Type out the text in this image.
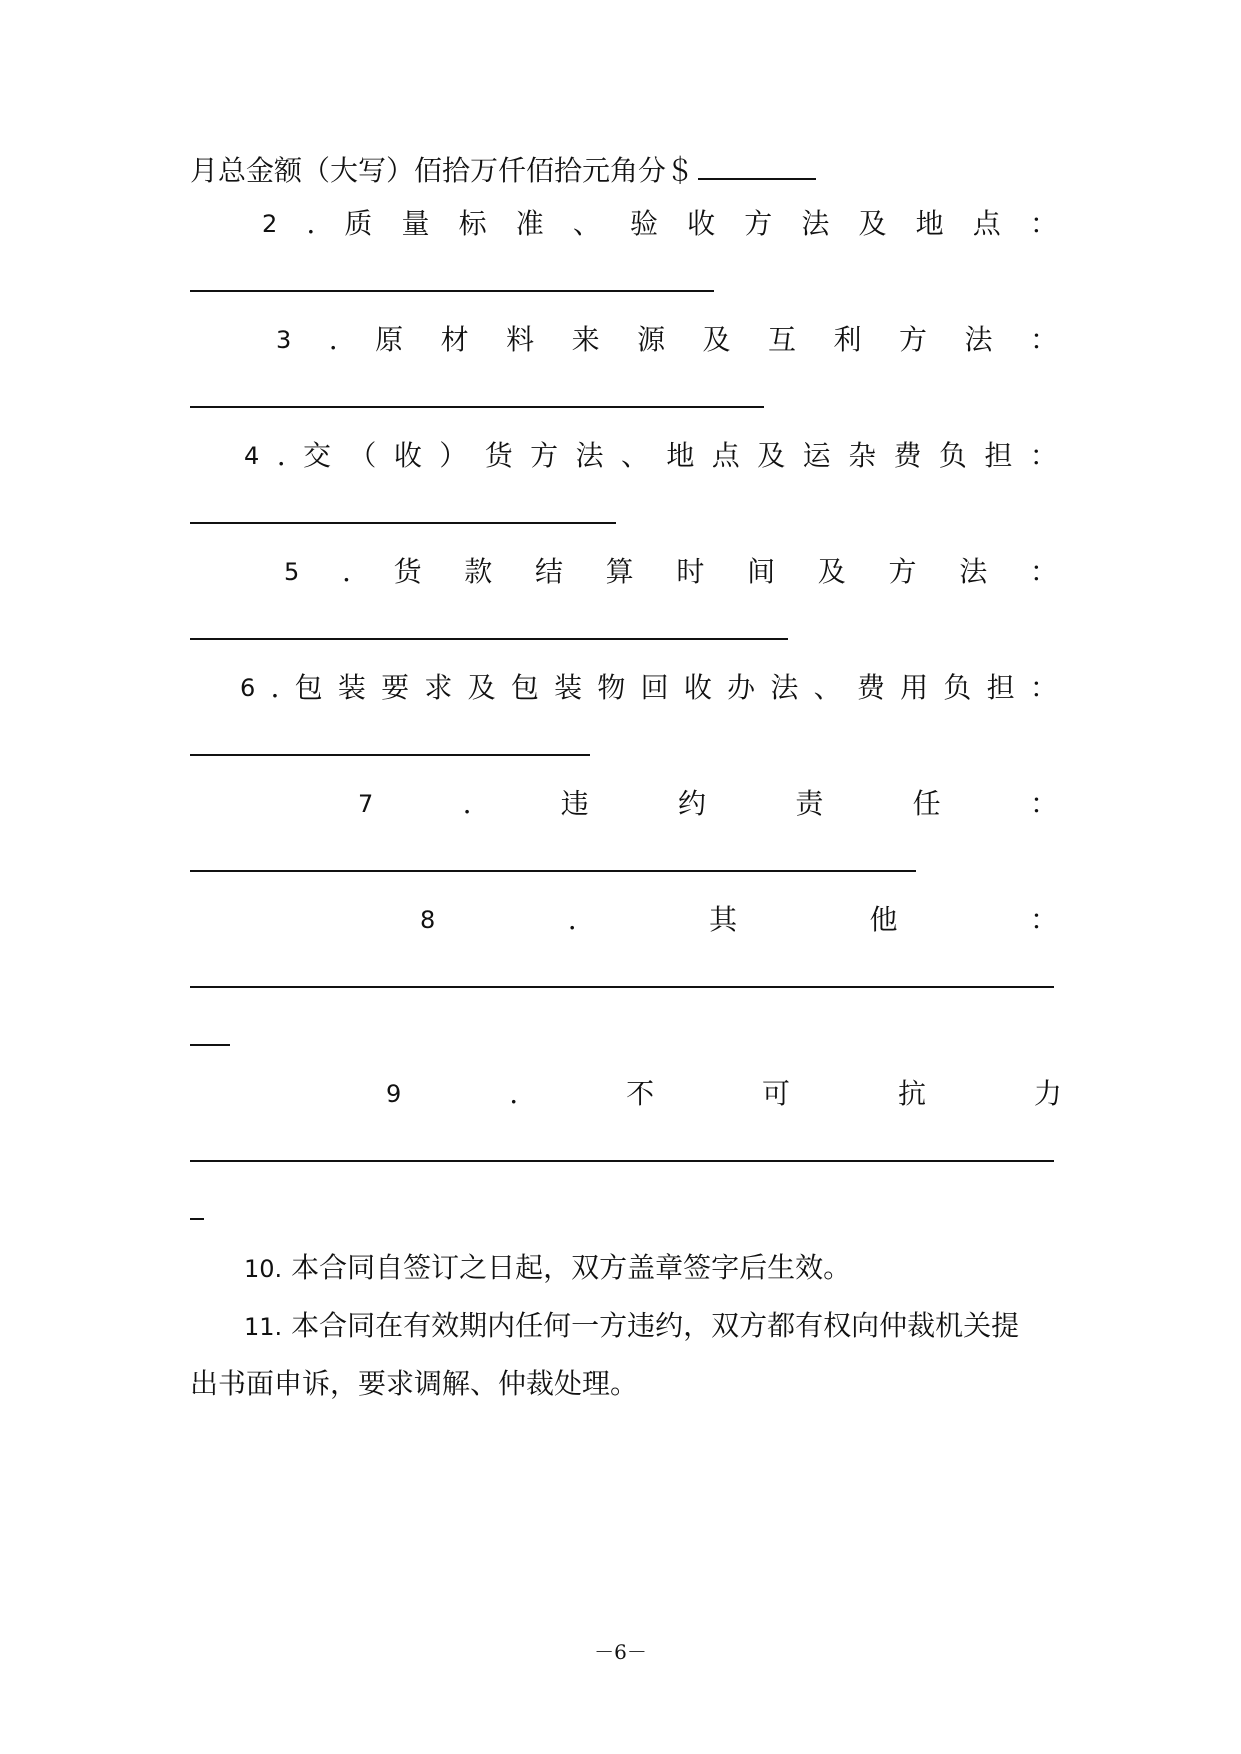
月总金额（大写）佰拾万仟佰拾元角分＄
2 . 质 量 标 准 、 验 收 方 法 及 地 点 ：
3 . 原 材 料 来 源 及 互 利 方 法 ：
4 . 交 （ 收 ） 货 方 法 、 地 点 及 运 杂 费 负 担 ：
5 . 货 款 结 算 时 间 及 方 法 ：
6 . 包 装 要 求 及 包 装 物 回 收 办 法 、 费 用 负 担 ：
7	.	违	约	责	任	：
8	.	其	他	：
9	.	不	可	抗	力
10. 本合同自签订之日起，双方盖章签字后生效。
11. 本合同在有效期内任何一方违约，双方都有权向仲裁机关提
出书面申诉，要求调解、仲裁处理。
－6－
